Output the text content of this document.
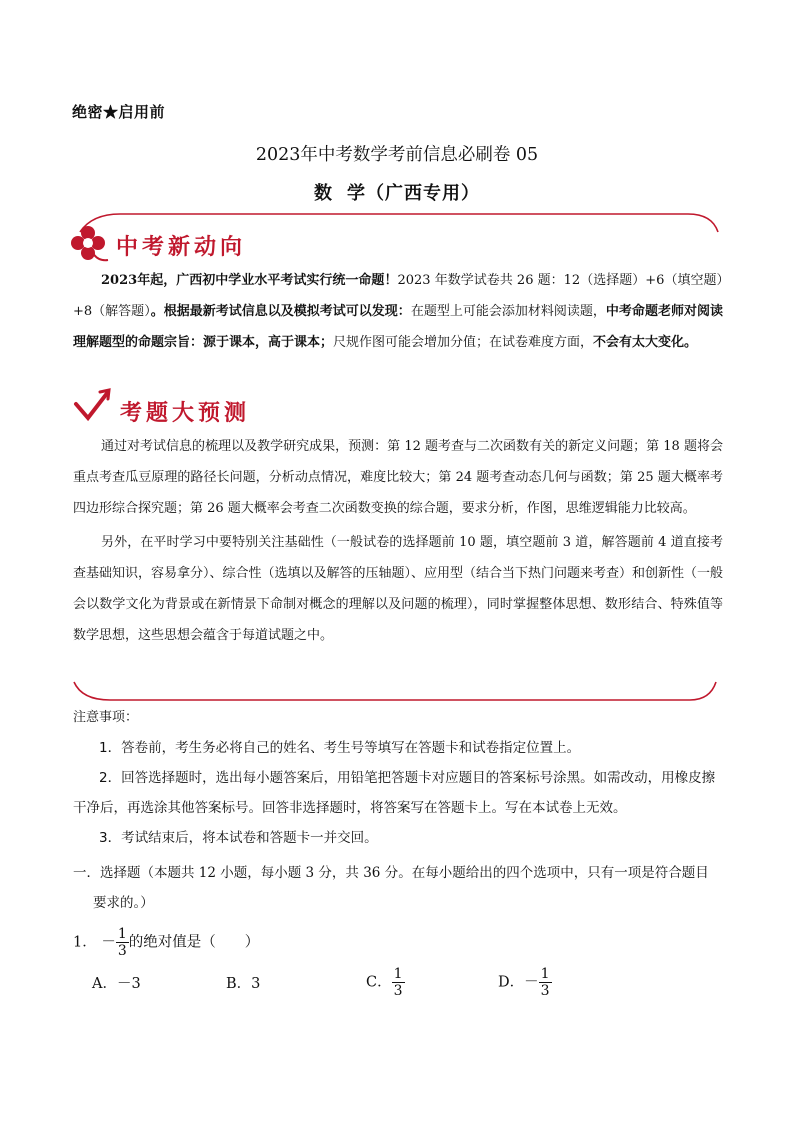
绝密★启用前
2023年中考数学考前信息必刷卷 05
数 学（广西专用）
中考新动向

2023年起，广西初中学业水平考试实行统一命题！2023 年数学试卷共 26 题：12（选择题）+6（填空题）+8（解答题）。根据最新考试信息以及模拟考试可以发现：在题型上可能会添加材料阅读题，中考命题老师对阅读理解题型的命题宗旨：源于课本，高于课本；尺规作图可能会增加分值；在试卷难度方面，不会有太大变化。

考题大预测

通过对考试信息的梳理以及教学研究成果，预测：第 12 题考查与二次函数有关的新定义问题；第 18 题将会重点考查瓜豆原理的路径长问题，分析动点情况，难度比较大；第 24 题考查动态几何与函数；第 25 题大概率考四边形综合探究题；第 26 题大概率会考查二次函数变换的综合题，要求分析，作图，思维逻辑能力比较高。

另外，在平时学习中要特别关注基础性（一般试卷的选择题前 10 题，填空题前 3 道，解答题前 4 道直接考查基础知识，容易拿分）、综合性（选填以及解答的压轴题）、应用型（结合当下热门问题来考查）和创新性（一般会以数学文化为背景或在新情景下命制对概念的理解以及问题的梳理），同时掌握整体思想、数形结合、特殊值等数学思想，这些思想会蕴含于每道试题之中。

注意事项：

1．答卷前，考生务必将自己的姓名、考生号等填写在答题卡和试卷指定位置上。

2．回答选择题时，选出每小题答案后，用铅笔把答题卡对应题目的答案标号涂黑。如需改动，用橡皮擦干净后，再选涂其他答案标号。回答非选择题时，将答案写在答题卡上。写在本试卷上无效。

3．考试结束后，将本试卷和答题卡一并交回。

一．选择题（本题共 12 小题，每小题 3 分，共 36 分。在每小题给出的四个选项中，只有一项是符合题目
要求的。）
1． － $\frac{1}{3}$ 的绝对值是（　　）
A．－3	B．3	C． $\frac{1}{3}$	D．－ $\frac{1}{3}$
